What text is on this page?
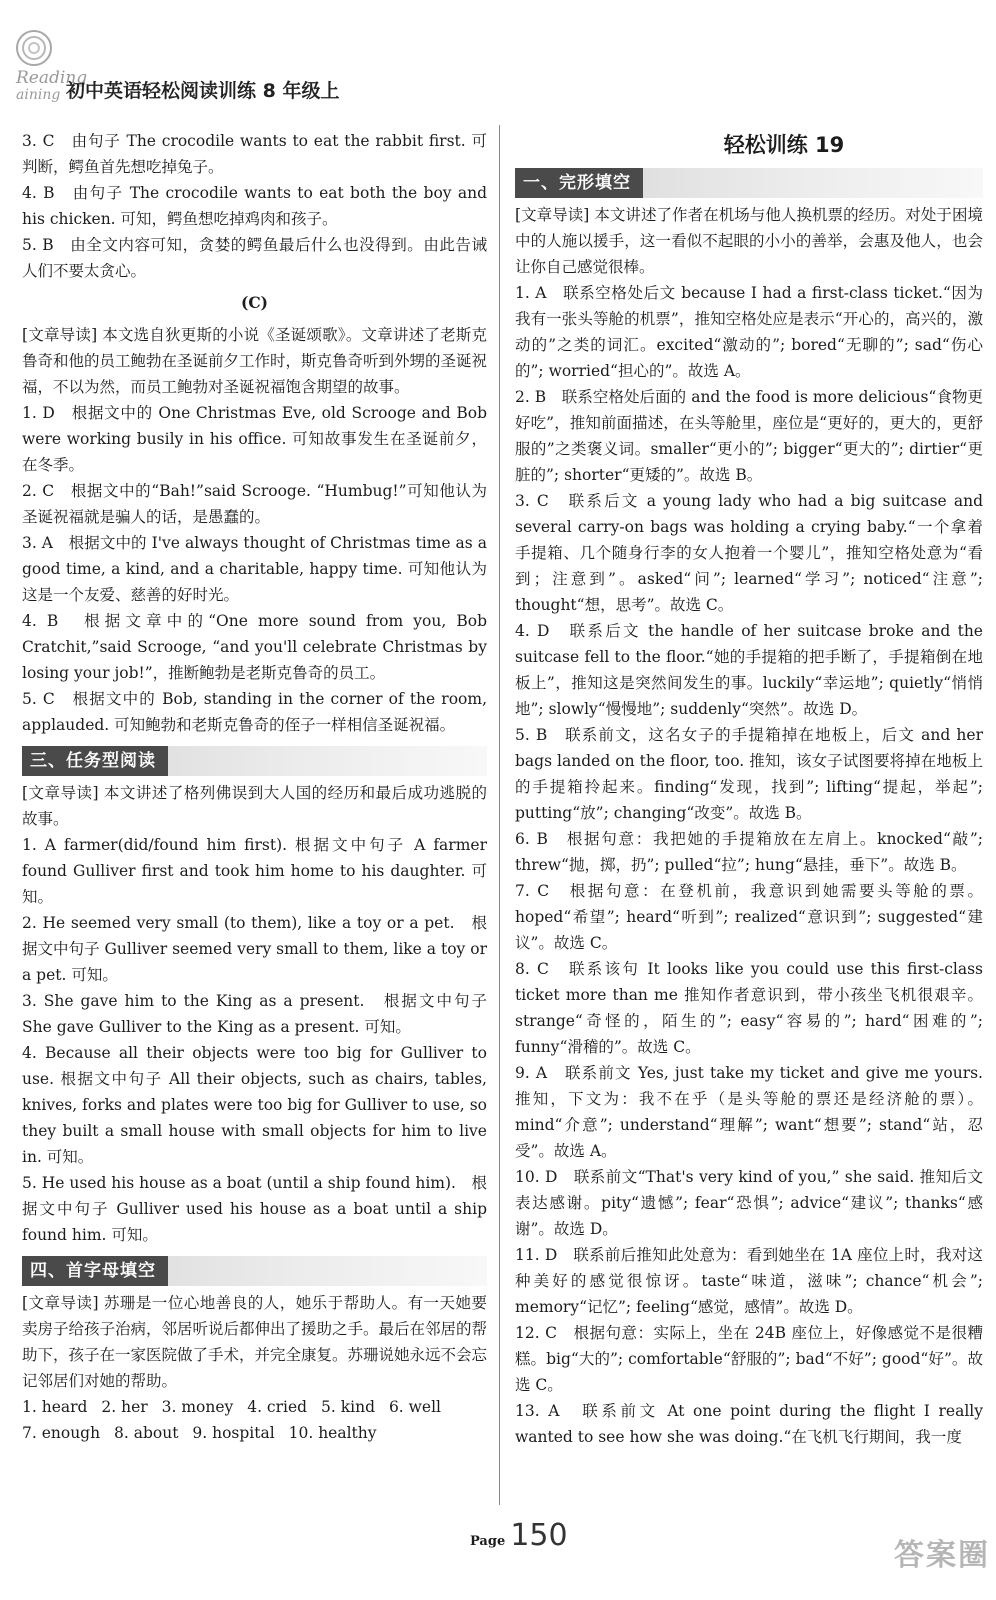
Reading
aining 初中英语轻松阅读训练 8 年级上

3. C　由句子 The crocodile wants to eat the rabbit first. 可判断，鳄鱼首先想吃掉兔子。

4. B　由句子 The crocodile wants to eat both the boy and his chicken. 可知，鳄鱼想吃掉鸡肉和孩子。

5. B　由全文内容可知，贪婪的鳄鱼最后什么也没得到。由此告诫人们不要太贪心。

(C)

[文章导读] 本文选自狄更斯的小说《圣诞颂歌》。文章讲述了老斯克鲁奇和他的员工鲍勃在圣诞前夕工作时，斯克鲁奇听到外甥的圣诞祝福，不以为然，而员工鲍勃对圣诞祝福饱含期望的故事。

1. D　根据文中的 One Christmas Eve, old Scrooge and Bob were working busily in his office. 可知故事发生在圣诞前夕，在冬季。

2. C　根据文中的“Bah!”said Scrooge. “Humbug!”可知他认为圣诞祝福就是骗人的话，是愚蠢的。

3. A　根据文中的 I've always thought of Christmas time as a good time, a kind, and a charitable, happy time. 可知他认为这是一个友爱、慈善的好时光。

4. B　根据文章中的“One more sound from you, Bob Cratchit,”said Scrooge, “and you'll celebrate Christmas by losing your job!”，推断鲍勃是老斯克鲁奇的员工。

5. C　根据文中的 Bob, standing in the corner of the room, applauded. 可知鲍勃和老斯克鲁奇的侄子一样相信圣诞祝福。

三、任务型阅读

[文章导读] 本文讲述了格列佛误到大人国的经历和最后成功逃脱的故事。

1. A farmer(did/found him first). 根据文中句子 A farmer found Gulliver first and took him home to his daughter. 可知。

2. He seemed very small (to them), like a toy or a pet.　根据文中句子 Gulliver seemed very small to them, like a toy or a pet. 可知。

3. She gave him to the King as a present.　根据文中句子 She gave Gulliver to the King as a present. 可知。

4. Because all their objects were too big for Gulliver to use. 根据文中句子 All their objects, such as chairs, tables, knives, forks and plates were too big for Gulliver to use, so they built a small house with small objects for him to live in. 可知。

5. He used his house as a boat (until a ship found him).　根据文中句子 Gulliver used his house as a boat until a ship found him. 可知。

四、首字母填空

[文章导读] 苏珊是一位心地善良的人，她乐于帮助人。有一天她要卖房子给孩子治病，邻居听说后都伸出了援助之手。最后在邻居的帮助下，孩子在一家医院做了手术，并完全康复。苏珊说她永远不会忘记邻居们对她的帮助。

1. heard 2. her 3. money 4. cried 5. kind 6. well

7. enough 8. about 9. hospital 10. healthy

轻松训练 19
一、完形填空

[文章导读] 本文讲述了作者在机场与他人换机票的经历。对处于困境中的人施以援手，这一看似不起眼的小小的善举，会惠及他人，也会让你自己感觉很棒。

1. A　联系空格处后文 because I had a first-class ticket.“因为我有一张头等舱的机票”，推知空格处应是表示“开心的，高兴的，激动的”之类的词汇。excited“激动的”; bored“无聊的”; sad“伤心的”; worried“担心的”。故选 A。

2. B　联系空格处后面的 and the food is more delicious“食物更好吃”，推知前面描述，在头等舱里，座位是“更好的，更大的，更舒服的”之类褒义词。smaller“更小的”; bigger“更大的”; dirtier“更脏的”; shorter“更矮的”。故选 B。

3. C　联系后文 a young lady who had a big suitcase and several carry-on bags was holding a crying baby.“一个拿着手提箱、几个随身行李的女人抱着一个婴儿”，推知空格处意为“看到；注意到”。asked“问”; learned“学习”; noticed“注意”; thought“想，思考”。故选 C。

4. D　联系后文 the handle of her suitcase broke and the suitcase fell to the floor.“她的手提箱的把手断了，手提箱倒在地板上”，推知这是突然间发生的事。luckily“幸运地”; quietly“悄悄地”; slowly“慢慢地”; suddenly“突然”。故选 D。

5. B　联系前文，这名女子的手提箱掉在地板上，后文 and her bags landed on the floor, too. 推知，该女子试图要将掉在地板上的手提箱拎起来。finding“发现，找到”; lifting“提起，举起”; putting“放”; changing“改变”。故选 B。

6. B　根据句意：我把她的手提箱放在左肩上。knocked“敲”; threw“抛，掷，扔”; pulled“拉”; hung“悬挂，垂下”。故选 B。

7. C　根据句意：在登机前，我意识到她需要头等舱的票。hoped“希望”; heard“听到”; realized“意识到”; suggested“建议”。故选 C。

8. C　联系该句 It looks like you could use this first-class ticket more than me 推知作者意识到，带小孩坐飞机很艰辛。strange“奇怪的，陌生的”; easy“容易的”; hard“困难的”; funny“滑稽的”。故选 C。

9. A　联系前文 Yes, just take my ticket and give me yours. 推知，下文为：我不在乎（是头等舱的票还是经济舱的票）。mind“介意”; understand“理解”; want“想要”; stand“站，忍受”。故选 A。

10. D　联系前文“That's very kind of you,” she said. 推知后文表达感谢。pity“遗憾”; fear“恐惧”; advice“建议”; thanks“感谢”。故选 D。

11. D　联系前后推知此处意为：看到她坐在 1A 座位上时，我对这种美好的感觉很惊讶。taste“味道，滋味”; chance“机会”; memory“记忆”; feeling“感觉，感情”。故选 D。

12. C　根据句意：实际上，坐在 24B 座位上，好像感觉不是很糟糕。big“大的”; comfortable“舒服的”; bad“不好”; good“好”。故选 C。

13. A　联系前文 At one point during the flight I really wanted to see how she was doing.“在飞机飞行期间，我一度

Page 150
答案圈
